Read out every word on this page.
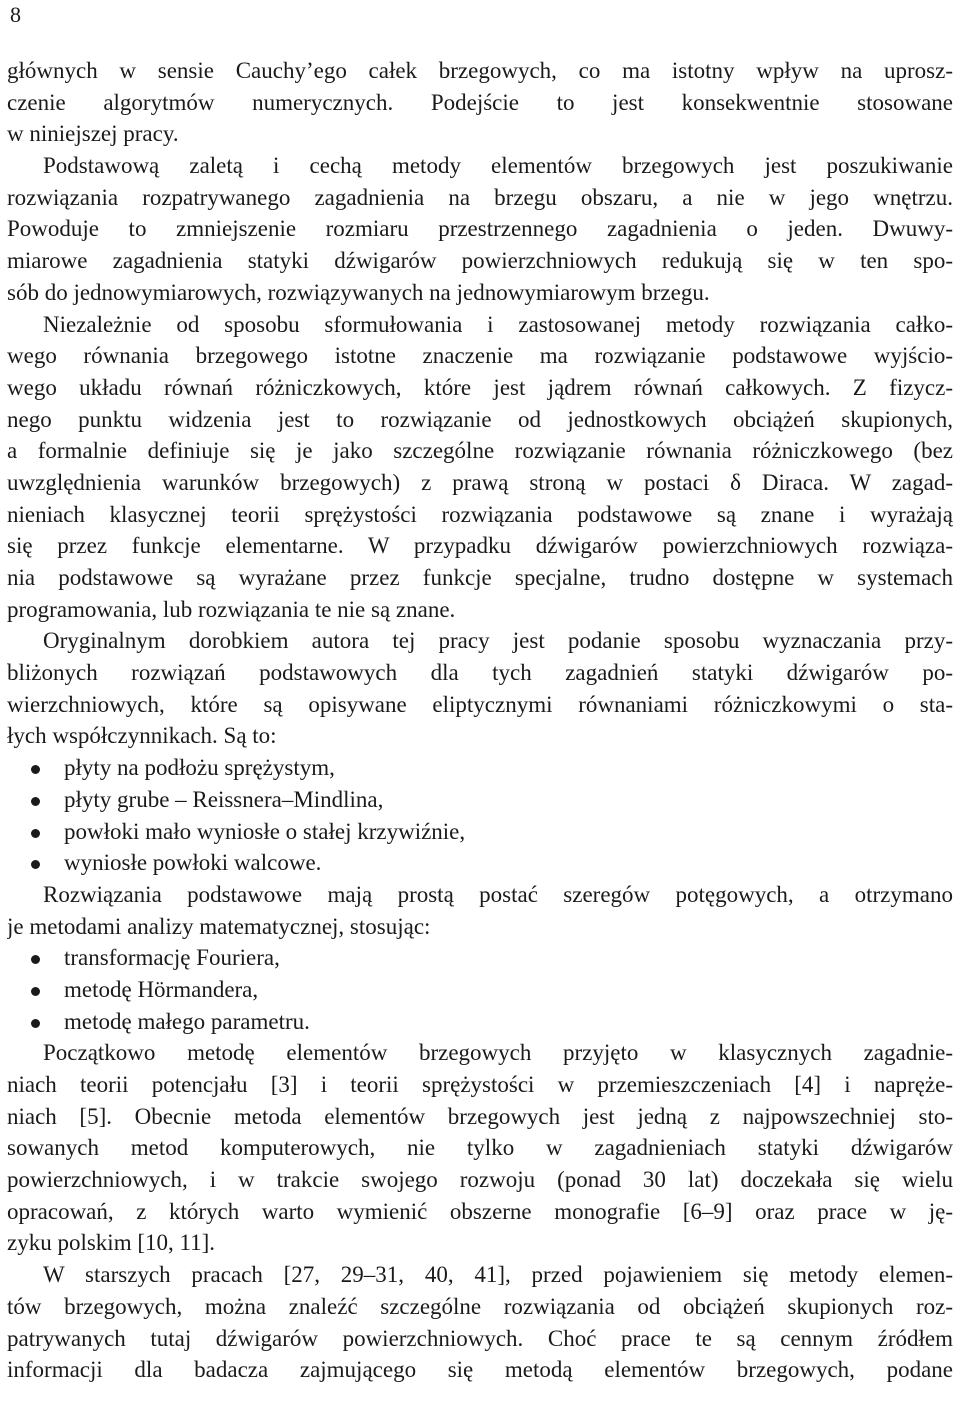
8
głównych w sensie Cauchy’ego całek brzegowych, co ma istotny wpływ na uprosz-
czenie algorytmów numerycznych. Podejście to jest konsekwentnie stosowane
w niniejszej pracy.
Podstawową zaletą i cechą metody elementów brzegowych jest poszukiwanie
rozwiązania rozpatrywanego zagadnienia na brzegu obszaru, a nie w jego wnętrzu.
Powoduje to zmniejszenie rozmiaru przestrzennego zagadnienia o jeden. Dwuwy-
miarowe zagadnienia statyki dźwigarów powierzchniowych redukują się w ten spo-
sób do jednowymiarowych, rozwiązywanych na jednowymiarowym brzegu.
Niezależnie od sposobu sformułowania i zastosowanej metody rozwiązania całko-
wego równania brzegowego istotne znaczenie ma rozwiązanie podstawowe wyjścio-
wego układu równań różniczkowych, które jest jądrem równań całkowych. Z fizycz-
nego punktu widzenia jest to rozwiązanie od jednostkowych obciążeń skupionych,
a formalnie definiuje się je jako szczególne rozwiązanie równania różniczkowego (bez
uwzględnienia warunków brzegowych) z prawą stroną w postaci δ Diraca. W zagad-
nieniach klasycznej teorii sprężystości rozwiązania podstawowe są znane i wyrażają
się przez funkcje elementarne. W przypadku dźwigarów powierzchniowych rozwiąza-
nia podstawowe są wyrażane przez funkcje specjalne, trudno dostępne w systemach
programowania, lub rozwiązania te nie są znane.
Oryginalnym dorobkiem autora tej pracy jest podanie sposobu wyznaczania przy-
bliżonych rozwiązań podstawowych dla tych zagadnień statyki dźwigarów po-
wierzchniowych, które są opisywane eliptycznymi równaniami różniczkowymi o sta-
łych współczynnikach. Są to:
płyty na podłożu sprężystym,
płyty grube – Reissnera–Mindlina,
powłoki mało wyniosłe o stałej krzywiźnie,
wyniosłe powłoki walcowe.
Rozwiązania podstawowe mają prostą postać szeregów potęgowych, a otrzymano
je metodami analizy matematycznej, stosując:
transformację Fouriera,
metodę Hörmandera,
metodę małego parametru.
Początkowo metodę elementów brzegowych przyjęto w klasycznych zagadnie-
niach teorii potencjału [3] i teorii sprężystości w przemieszczeniach [4] i napręże-
niach [5]. Obecnie metoda elementów brzegowych jest jedną z najpowszechniej sto-
sowanych metod komputerowych, nie tylko w zagadnieniach statyki dźwigarów
powierzchniowych, i w trakcie swojego rozwoju (ponad 30 lat) doczekała się wielu
opracowań, z których warto wymienić obszerne monografie [6–9] oraz prace w ję-
zyku polskim [10, 11].
W starszych pracach [27, 29–31, 40, 41], przed pojawieniem się metody elemen-
tów brzegowych, można znaleźć szczególne rozwiązania od obciążeń skupionych roz-
patrywanych tutaj dźwigarów powierzchniowych. Choć prace te są cennym źródłem
informacji dla badacza zajmującego się metodą elementów brzegowych, podane
